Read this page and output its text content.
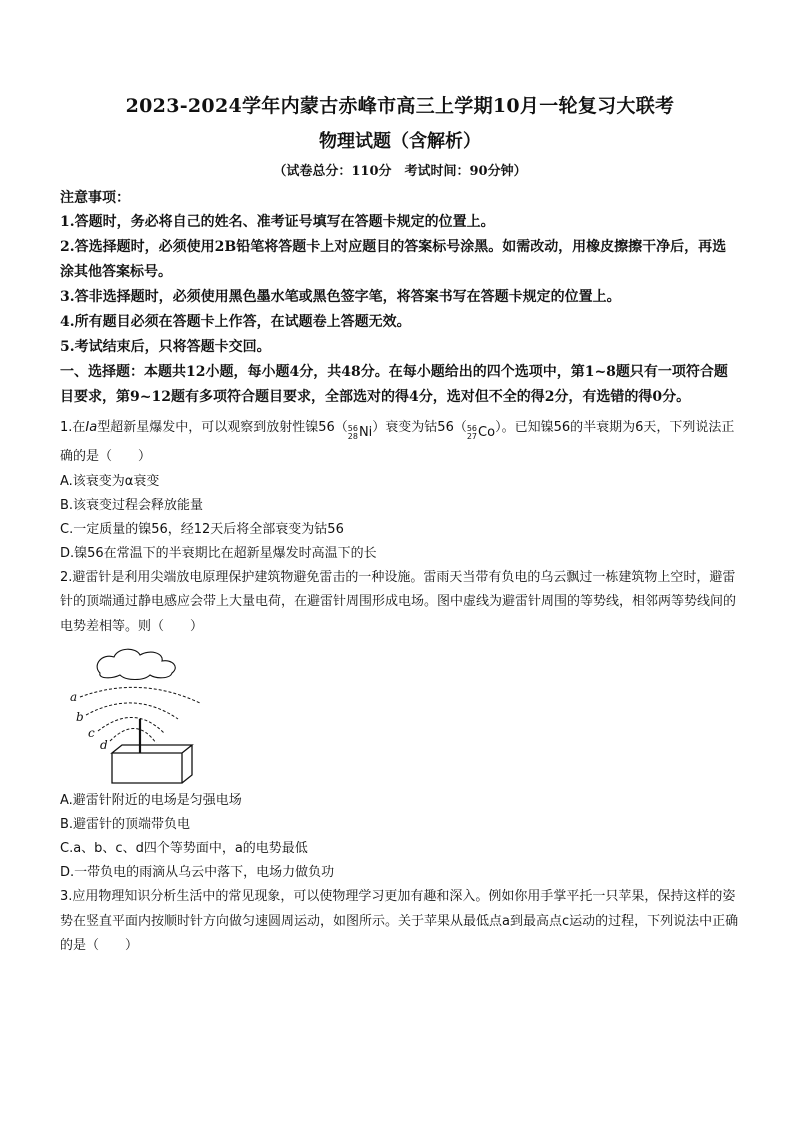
2023-2024学年内蒙古赤峰市高三上学期10月一轮复习大联考
物理试题（含解析）
（试卷总分：110分　考试时间：90分钟）
注意事项：
1.答题时，务必将自己的姓名、准考证号填写在答题卡规定的位置上。
2.答选择题时，必须使用2B铅笔将答题卡上对应题目的答案标号涂黑。如需改动，用橡皮擦擦干净后，再选涂其他答案标号。
3.答非选择题时，必须使用黑色墨水笔或黑色签字笔，将答案书写在答题卡规定的位置上。
4.所有题目必须在答题卡上作答，在试题卷上答题无效。
5.考试结束后，只将答题卡交回。
一、选择题：本题共12小题，每小题4分，共48分。在每小题给出的四个选项中，第1~8题只有一项符合题目要求，第9~12题有多项符合题目要求，全部选对的得4分，选对但不全的得2分，有选错的得0分。
1.在Ia型超新星爆发中，可以观察到放射性镍56（ 56
28 Ni ）衰变为钴56（ 56
27 Co ）。已知镍56的半衰期为6天，下列说法正确的是（　　）
A.该衰变为α衰变
B.该衰变过程会释放能量
C.一定质量的镍56，经12天后将全部衰变为钴56
D.镍56在常温下的半衰期比在超新星爆发时高温下的长
2.避雷针是利用尖端放电原理保护建筑物避免雷击的一种设施。雷雨天当带有负电的乌云飘过一栋建筑物上空时，避雷针的顶端通过静电感应会带上大量电荷，在避雷针周围形成电场。图中虚线为避雷针周围的等势线，相邻两等势线间的电势差相等。则（　　）
a
b
c
d
A.避雷针附近的电场是匀强电场
B.避雷针的顶端带负电
C.a、b、c、d四个等势面中，a的电势最低
D.一带负电的雨滴从乌云中落下，电场力做负功
3.应用物理知识分析生活中的常见现象，可以使物理学习更加有趣和深入。例如你用手掌平托一只苹果，保持这样的姿势在竖直平面内按顺时针方向做匀速圆周运动，如图所示。关于苹果从最低点a到最高点c运动的过程，下列说法中正确的是（　　）
